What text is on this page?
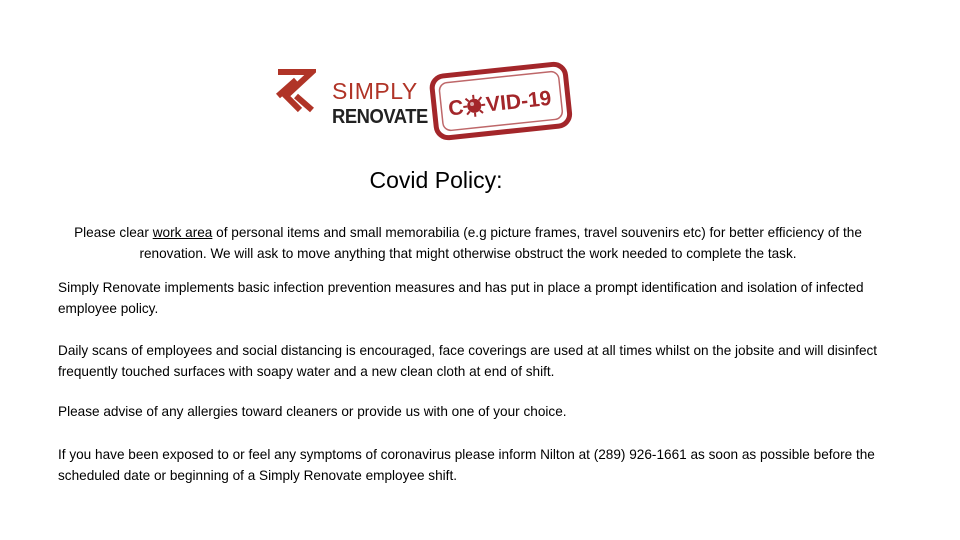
SIMPLY
RENOVATE C VID-19
Covid Policy:

Please clear work area of personal items and small memorabilia (e.g picture frames, travel souvenirs etc) for better efficiency of the renovation. We will ask to move anything that might otherwise obstruct the work needed to complete the task.

Simply Renovate implements basic infection prevention measures and has put in place a prompt identification and isolation of infected employee policy.

Daily scans of employees and social distancing is encouraged, face coverings are used at all times whilst on the jobsite and will disinfect frequently touched surfaces with soapy water and a new clean cloth at end of shift.

Please advise of any allergies toward cleaners or provide us with one of your choice.

If you have been exposed to or feel any symptoms of coronavirus please inform Nilton at (289) 926-1661 as soon as possible before the scheduled date or beginning of a Simply Renovate employee shift.
